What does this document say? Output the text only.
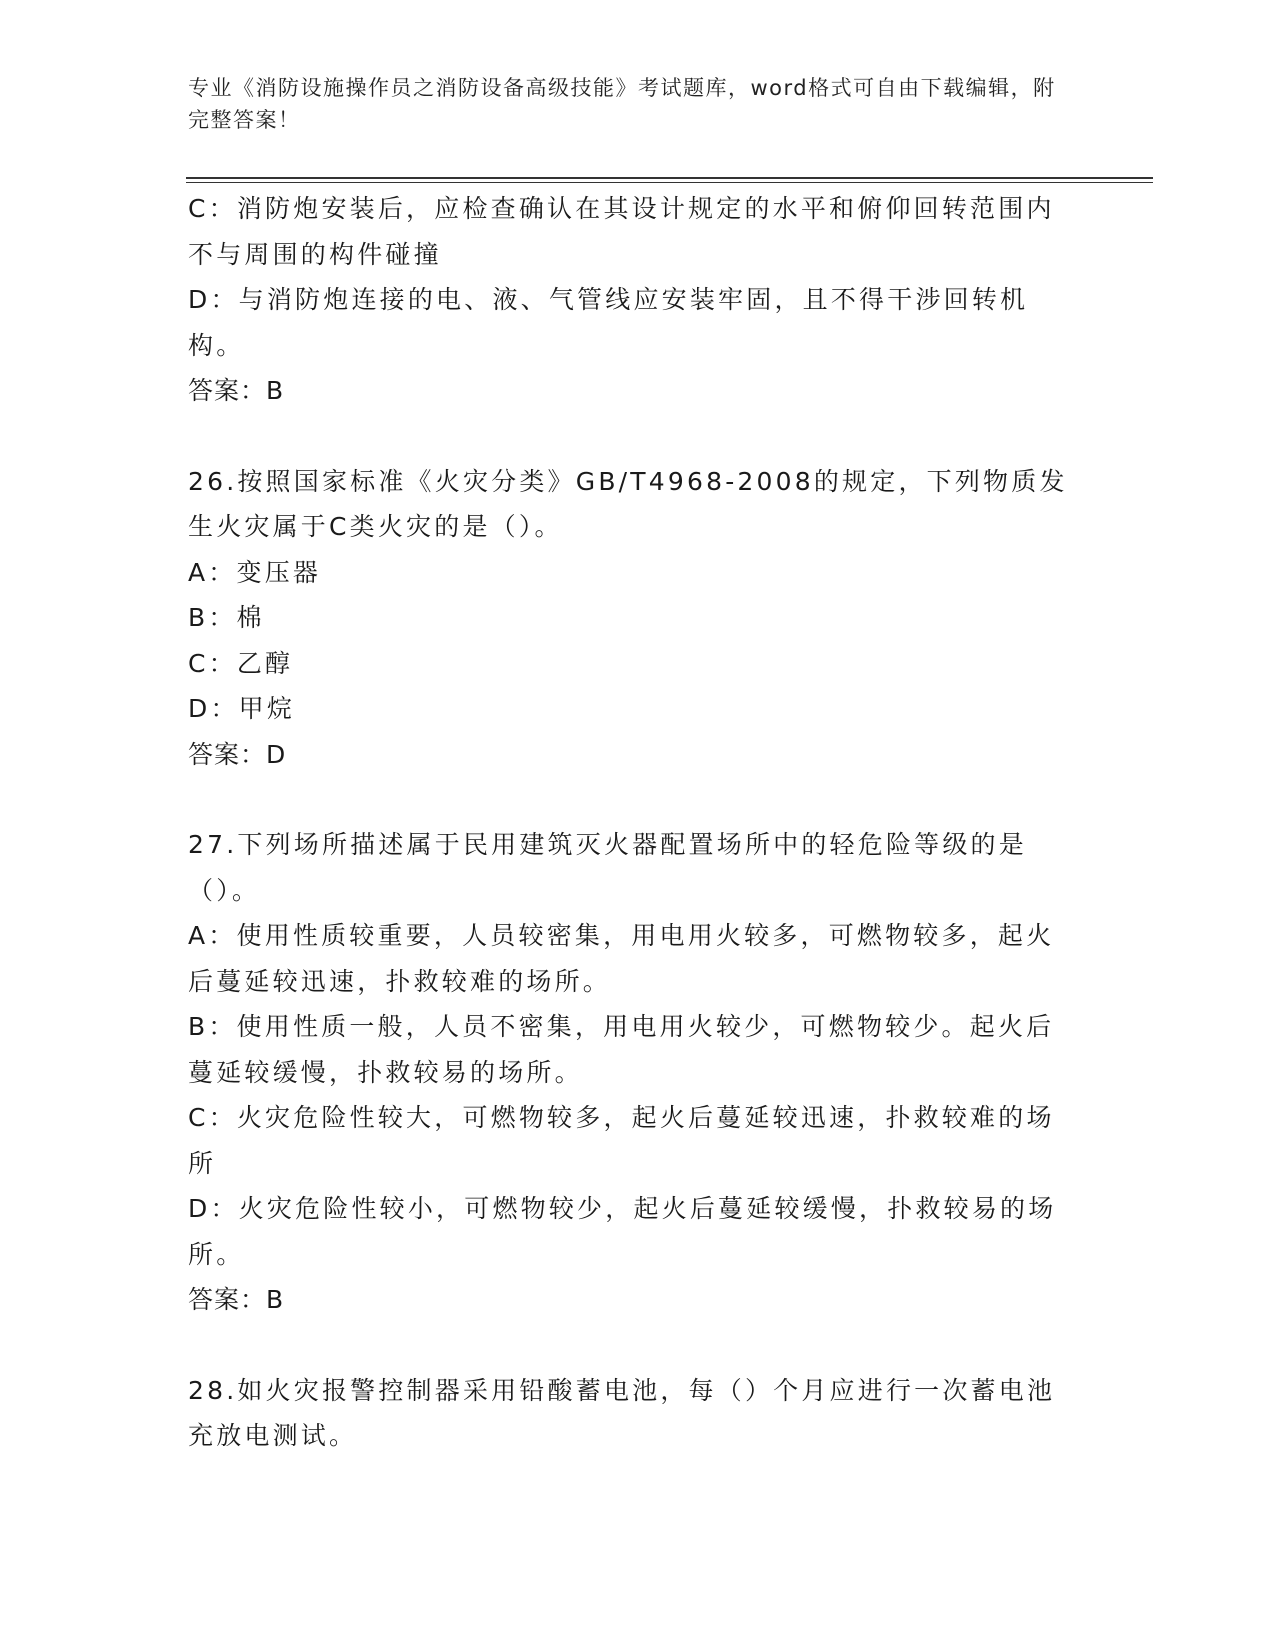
专业《消防设施操作员之消防设备高级技能》考试题库，word格式可自由下载编辑，附完整答案！
C：消防炮安装后，应检查确认在其设计规定的水平和俯仰回转范围内不与周围的构件碰撞
D：与消防炮连接的电、液、气管线应安装牢固，且不得干涉回转机构。
答案：B
26.按照国家标准《火灾分类》GB/T4968-2008的规定，下列物质发生火灾属于C类火灾的是（）。
A：变压器
B：棉
C：乙醇
D：甲烷
答案：D
27.下列场所描述属于民用建筑灭火器配置场所中的轻危险等级的是（）。
A：使用性质较重要，人员较密集，用电用火较多，可燃物较多，起火后蔓延较迅速，扑救较难的场所。
B：使用性质一般，人员不密集，用电用火较少，可燃物较少。起火后蔓延较缓慢，扑救较易的场所。
C：火灾危险性较大，可燃物较多，起火后蔓延较迅速，扑救较难的场所
D：火灾危险性较小，可燃物较少，起火后蔓延较缓慢，扑救较易的场所。
答案：B
28.如火灾报警控制器采用铅酸蓄电池，每（）个月应进行一次蓄电池充放电测试。
